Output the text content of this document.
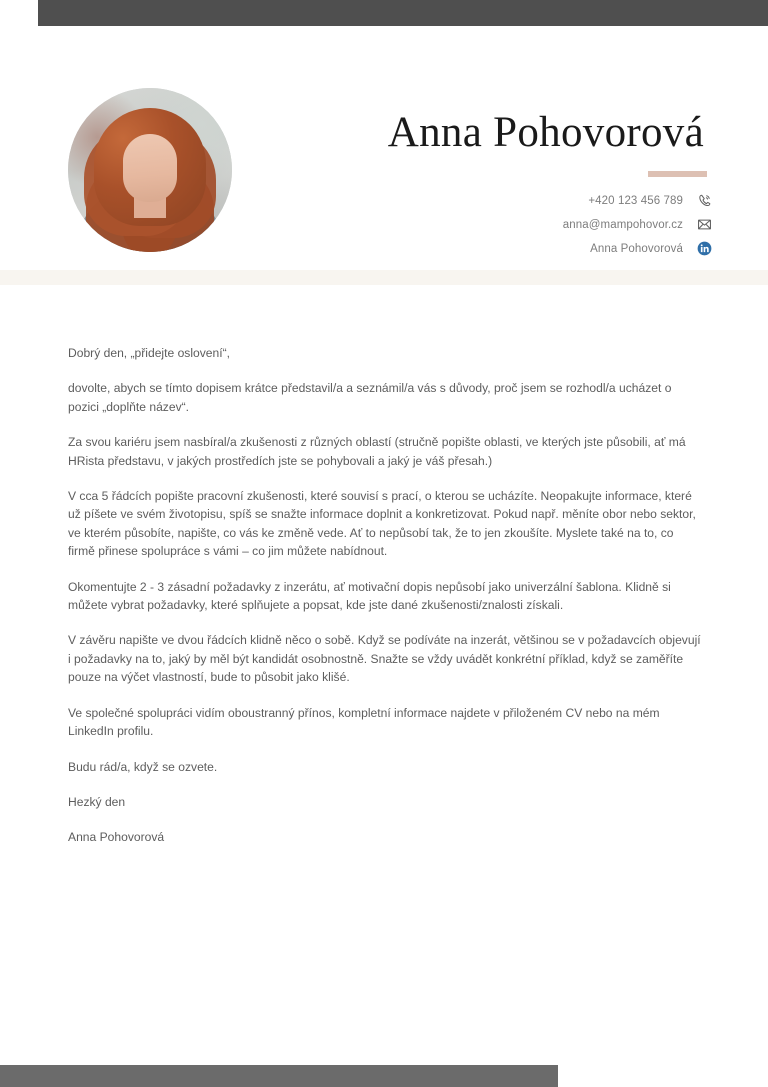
Anna Pohovorová
+420 123 456 789
anna@mampohovor.cz
Anna Pohovorová

Dobrý den, „přidejte oslovení“,

dovolte, abych se tímto dopisem krátce představil/a a seznámil/a vás s důvody, proč jsem se rozhodl/a ucházet o pozici „doplňte název“.

Za svou kariéru jsem nasbíral/a zkušenosti z různých oblastí (stručně popište oblasti, ve kterých jste působili, ať má HRista představu, v jakých prostředích jste se pohybovali a jaký je váš přesah.)

V cca 5 řádcích popište pracovní zkušenosti, které souvisí s prací, o kterou se ucházíte. Neopakujte informace, které už píšete ve svém životopisu, spíš se snažte informace doplnit a konkretizovat. Pokud např. měníte obor nebo sektor, ve kterém působíte, napište, co vás ke změně vede. Ať to nepůsobí tak, že to jen zkoušíte. Myslete také na to, co firmě přinese spolupráce s vámi – co jim můžete nabídnout.

Okomentujte 2 - 3 zásadní požadavky z inzerátu, ať motivační dopis nepůsobí jako univerzální šablona. Klidně si můžete vybrat požadavky, které splňujete a popsat, kde jste dané zkušenosti/znalosti získali.

V závěru napište ve dvou řádcích klidně něco o sobě. Když se podíváte na inzerát, většinou se v požadavcích objevují i požadavky na to, jaký by měl být kandidát osobnostně. Snažte se vždy uvádět konkrétní příklad, když se zaměříte pouze na výčet vlastností, bude to působit jako klišé.

Ve společné spolupráci vidím oboustranný přínos, kompletní informace najdete v přiloženém CV nebo na mém LinkedIn profilu.

Budu rád/a, když se ozvete.

Hezký den

Anna Pohovorová
